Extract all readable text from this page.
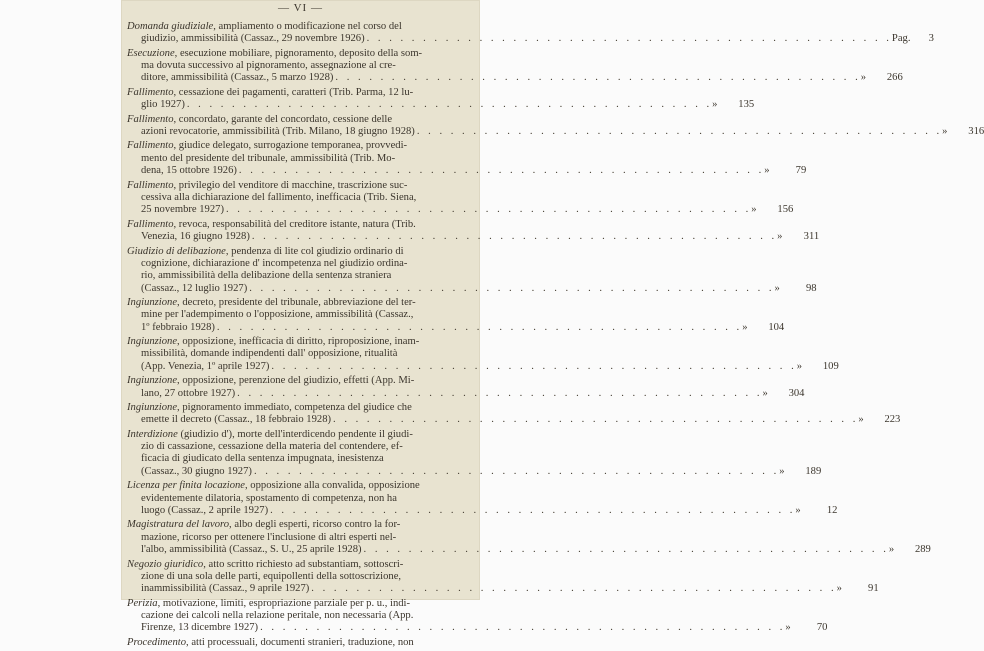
— VI —
Domanda giudiziale, ampliamento o modificazione nel corso del
giudizio, ammissibilità (Cassaz., 29 novembre 1926) . . . . . . . . . . . . . . . . . . . . . . . . . . . . . . . . . . . . . . . . . . . . . . . Pag.	3
Esecuzione, esecuzione mobiliare, pignoramento, deposito della som-
ma dovuta successivo al pignoramento, assegnazione al cre-
ditore, ammissibilità (Cassaz., 5 marzo 1928) . . . . . . . . . . . . . . . . . . . . . . . . . . . . . . . . . . . . . . . . . . . . . . . »	266
Fallimento, cessazione dei pagamenti, caratteri (Trib. Parma, 12 lu-
glio 1927) . . . . . . . . . . . . . . . . . . . . . . . . . . . . . . . . . . . . . . . . . . . . . . . »	135
Fallimento, concordato, garante del concordato, cessione delle
azioni revocatorie, ammissibilità (Trib. Milano, 18 giugno 1928) . . . . . . . . . . . . . . . . . . . . . . . . . . . . . . . . . . . . . . . . . . . . . . . »	316
Fallimento, giudice delegato, surrogazione temporanea, provvedi-
mento del presidente del tribunale, ammissibilità (Trib. Mo-
dena, 15 ottobre 1926) . . . . . . . . . . . . . . . . . . . . . . . . . . . . . . . . . . . . . . . . . . . . . . . »	79
Fallimento, privilegio del venditore di macchine, trascrizione suc-
cessiva alla dichiarazione del fallimento, inefficacia (Trib. Siena,
25 novembre 1927) . . . . . . . . . . . . . . . . . . . . . . . . . . . . . . . . . . . . . . . . . . . . . . . »	156
Fallimento, revoca, responsabilità del creditore istante, natura (Trib.
Venezia, 16 giugno 1928) . . . . . . . . . . . . . . . . . . . . . . . . . . . . . . . . . . . . . . . . . . . . . . . »	311
Giudizio di delibazione, pendenza di lite col giudizio ordinario di
cognizione, dichiarazione d' incompetenza nel giudizio ordina-
rio, ammissibilità della delibazione della sentenza straniera
(Cassaz., 12 luglio 1927) . . . . . . . . . . . . . . . . . . . . . . . . . . . . . . . . . . . . . . . . . . . . . . . »	98
Ingiunzione, decreto, presidente del tribunale, abbreviazione del ter-
mine per l'adempimento o l'opposizione, ammissibilità (Cassaz.,
1º febbraio 1928) . . . . . . . . . . . . . . . . . . . . . . . . . . . . . . . . . . . . . . . . . . . . . . . »	104
Ingiunzione, opposizione, inefficacia di diritto, riproposizione, inam-
missibilità, domande indipendenti dall' opposizione, ritualità
(App. Venezia, 1º aprile 1927) . . . . . . . . . . . . . . . . . . . . . . . . . . . . . . . . . . . . . . . . . . . . . . . »	109
Ingiunzione, opposizione, perenzione del giudizio, effetti (App. Mi-
lano, 27 ottobre 1927) . . . . . . . . . . . . . . . . . . . . . . . . . . . . . . . . . . . . . . . . . . . . . . . »	304
Ingiunzione, pignoramento immediato, competenza del giudice che
emette il decreto (Cassaz., 18 febbraio 1928) . . . . . . . . . . . . . . . . . . . . . . . . . . . . . . . . . . . . . . . . . . . . . . . »	223
Interdizione (giudizio d'), morte dell'interdicendo pendente il giudi-
zio di cassazione, cessazione della materia del contendere, ef-
ficacia di giudicato della sentenza impugnata, inesistenza
(Cassaz., 30 giugno 1927) . . . . . . . . . . . . . . . . . . . . . . . . . . . . . . . . . . . . . . . . . . . . . . . »	189
Licenza per finita locazione, opposizione alla convalida, opposizione
evidentemente dilatoria, spostamento di competenza, non ha
luogo (Cassaz., 2 aprile 1927) . . . . . . . . . . . . . . . . . . . . . . . . . . . . . . . . . . . . . . . . . . . . . . . »	12
Magistratura del lavoro, albo degli esperti, ricorso contro la for-
mazione, ricorso per ottenere l'inclusione di altri esperti nel-
l'albo, ammissibilità (Cassaz., S. U., 25 aprile 1928) . . . . . . . . . . . . . . . . . . . . . . . . . . . . . . . . . . . . . . . . . . . . . . . »	289
Negozio giuridico, atto scritto richiesto ad substantiam, sottoscri-
zione di una sola delle parti, equipollenti della sottoscrizione,
inammissibilità (Cassaz., 9 aprile 1927) . . . . . . . . . . . . . . . . . . . . . . . . . . . . . . . . . . . . . . . . . . . . . . . »	91
Perizia, motivazione, limiti, espropriazione parziale per p. u., indi-
cazione dei calcoli nella relazione peritale, non necessaria (App.
Firenze, 13 dicembre 1927) . . . . . . . . . . . . . . . . . . . . . . . . . . . . . . . . . . . . . . . . . . . . . . . »	70
Procedimento, atti processuali, documenti stranieri, traduzione, non
